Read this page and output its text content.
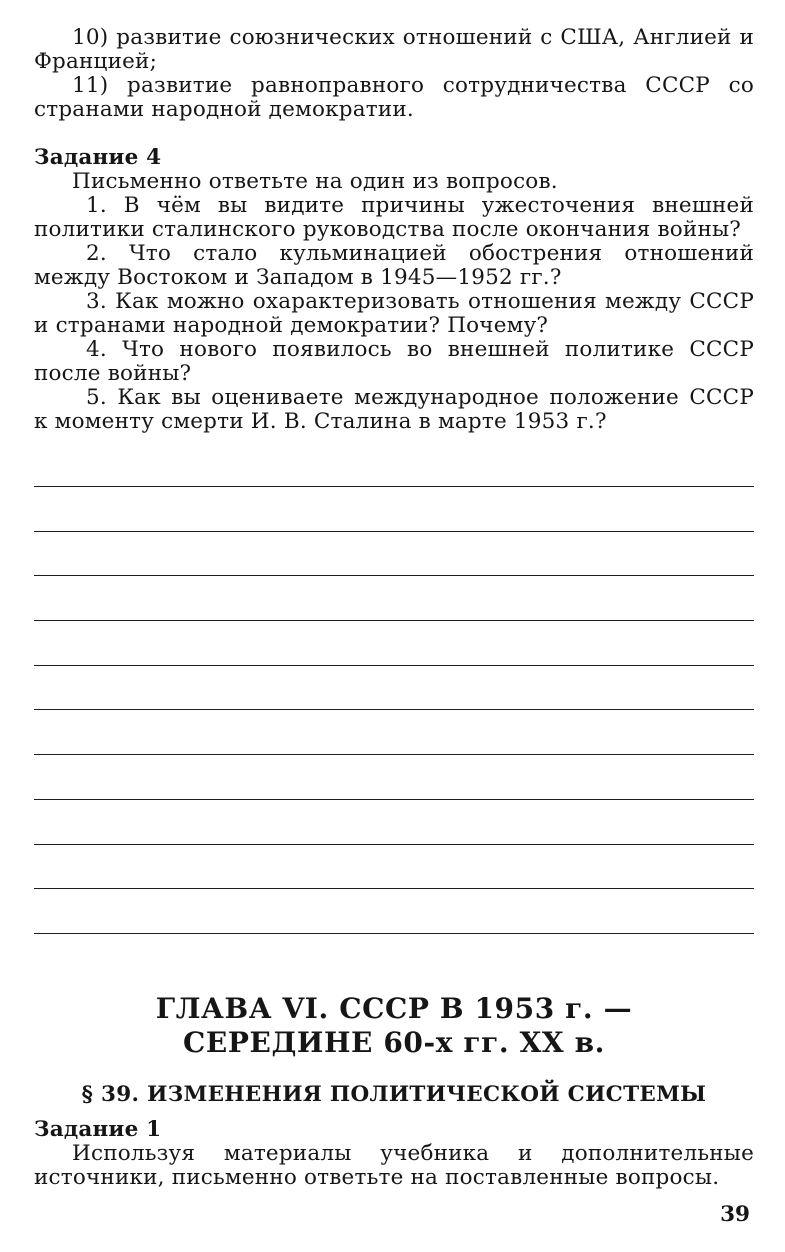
10) развитие союзнических отношений с США, Англией и Францией;

11) развитие равноправного сотрудничества СССР со странами народной демократии.

Задание 4

Письменно ответьте на один из вопросов.

1. В чём вы видите причины ужесточения внешней политики сталинского руководства после окончания войны?

2. Что стало кульминацией обострения отношений между Востоком и Западом в 1945—1952 гг.?

3. Как можно охарактеризовать отношения между СССР и странами народной демократии? Почему?

4. Что нового появилось во внешней политике СССР после войны?

5. Как вы оцениваете международное положение СССР к моменту смерти И. В. Сталина в марте 1953 г.?

ГЛАВА VI. СССР В 1953 г. —
СЕРЕДИНЕ 60-х гг. XX в.
§ 39. ИЗМЕНЕНИЯ ПОЛИТИЧЕСКОЙ СИСТЕМЫ

Задание 1

Используя материалы учебника и дополнительные источники, письменно ответьте на поставленные вопросы.

39
